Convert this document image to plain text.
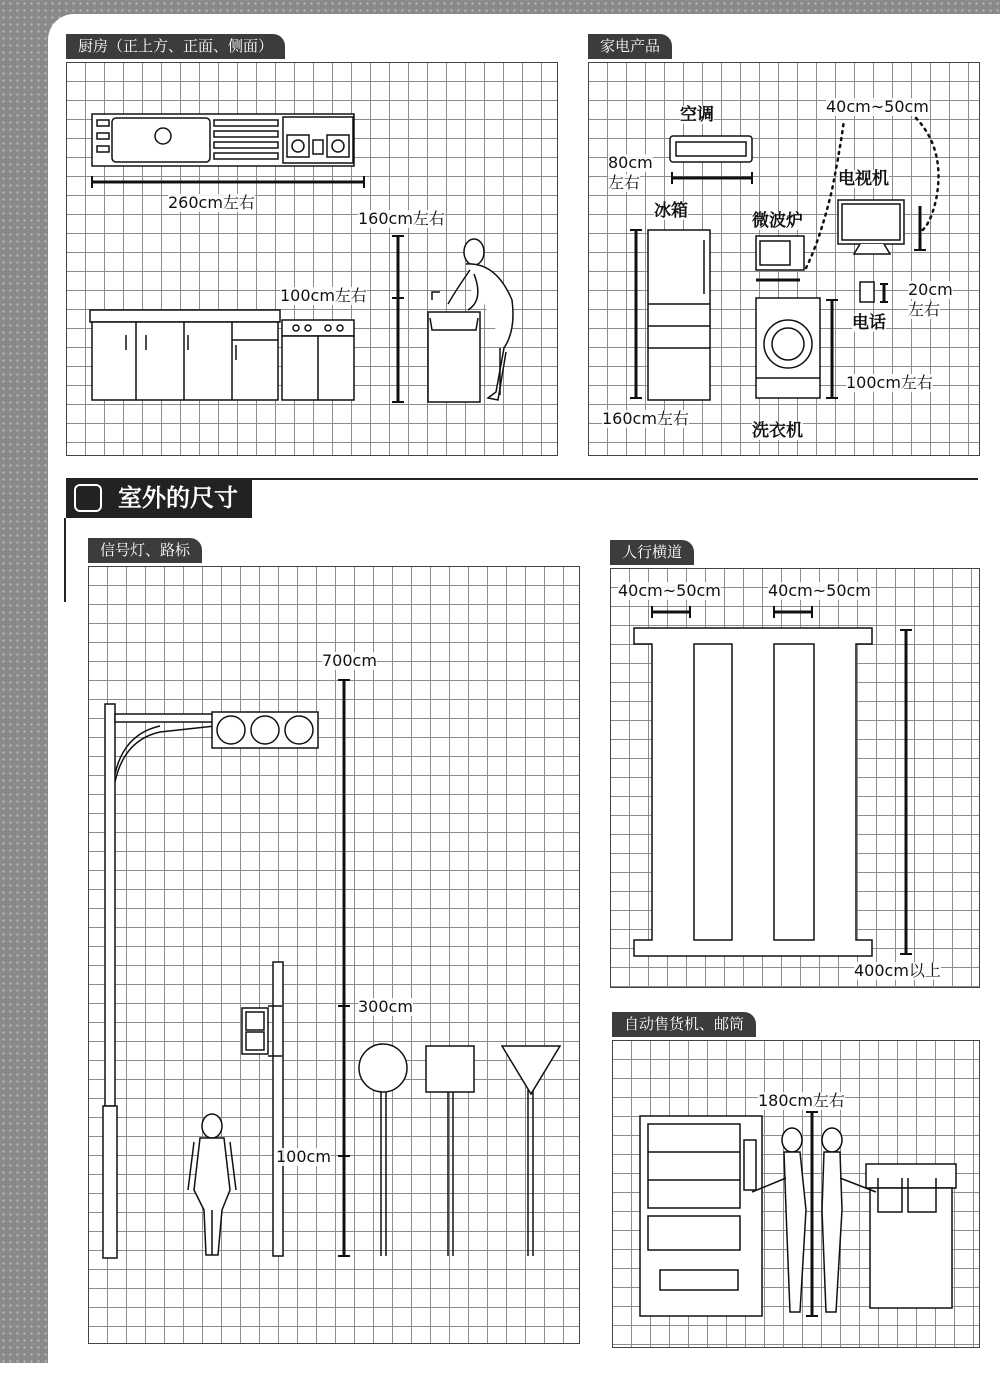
厨房（正上方、正面、侧面）
260cm左右
160cm左右
100cm左右
家电产品
空调
80cm
左右
40cm~50cm
电视机
冰箱	微波炉
20cm
左右
电话
100cm左右
160cm左右
洗衣机
室外的尺寸
信号灯、路标
700cm
300cm
100cm
人行横道
40cm~50cm	40cm~50cm
400cm以上
自动售货机、邮筒
180cm左右
